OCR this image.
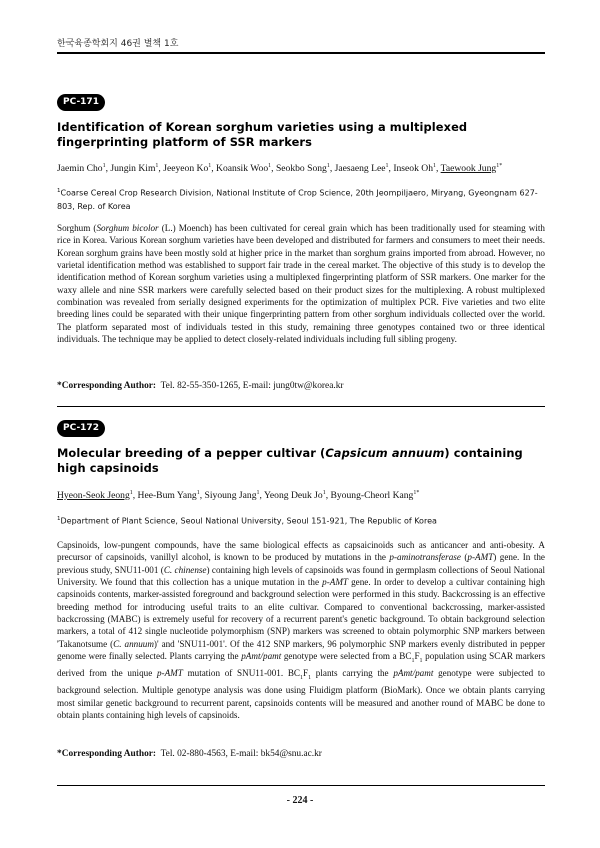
한국육종학회지 46권 별책 1호
PC-171
Identification of Korean sorghum varieties using a multiplexed fingerprinting platform of SSR markers
Jaemin Cho$^1$, Jungin Kim$^1$, Jeeyeon Ko$^1$, Koansik Woo$^1$, Seokbo Song$^1$, Jaesaeng Lee$^1$, Inseok Oh$^1$, Taewook Jung$^{1*}$
$^1$Coarse Cereal Crop Research Division, National Institute of Crop Science, 20th Jeompiljaero, Miryang, Gyeongnam 627-803, Rep. of Korea
Sorghum (Sorghum bicolor (L.) Moench) has been cultivated for cereal grain which has been traditionally used for steaming with rice in Korea. Various Korean sorghum varieties have been developed and distributed for farmers and consumers to meet their needs. Korean sorghum grains have been mostly sold at higher price in the market than sorghum grains imported from abroad. However, no varietal identification method was established to support fair trade in the cereal market. The objective of this study is to develop the identification method of Korean sorghum varieties using a multiplexed fingerprinting platform of SSR markers. One marker for the waxy allele and nine SSR markers were carefully selected based on their product sizes for the multiplexing. A robust multiplexed combination was revealed from serially designed experiments for the optimization of multiplex PCR. Five varieties and two elite breeding lines could be separated with their unique fingerprinting pattern from other sorghum individuals collected over the world. The platform separated most of individuals tested in this study, remaining three genotypes contained two or three identical individuals. The technique may be applied to detect closely-related individuals including full sibling progeny.
*Corresponding Author: Tel. 82-55-350-1265, E-mail: jung0tw@korea.kr
PC-172
Molecular breeding of a pepper cultivar (Capsicum annuum) containing high capsinoids
Hyeon-Seok Jeong$^1$, Hee-Bum Yang$^1$, Siyoung Jang$^1$, Yeong Deuk Jo$^1$, Byoung-Cheorl Kang$^{1*}$
$^1$Department of Plant Science, Seoul National University, Seoul 151-921, The Republic of Korea
Capsinoids, low-pungent compounds, have the same biological effects as capsaicinoids such as anticancer and anti-obesity. A precursor of capsinoids, vanillyl alcohol, is known to be produced by mutations in the p-aminotransferase (p-AMT) gene. In the previous study, SNU11-001 (C. chinense) containing high levels of capsinoids was found in germplasm collections of Seoul National University. We found that this collection has a unique mutation in the p-AMT gene. In order to develop a cultivar containing high capsinoids contents, marker-assisted foreground and background selection were performed in this study. Backcrossing is an effective breeding method for introducing useful traits to an elite cultivar. Compared to conventional backcrossing, marker-assisted backcrossing (MABC) is extremely useful for recovery of a recurrent parent's genetic background. To obtain background selection markers, a total of 412 single nucleotide polymorphism (SNP) markers was screened to obtain polymorphic SNP markers between 'Takanotsume (C. annuum)' and 'SNU11-001'. Of the 412 SNP markers, 96 polymorphic SNP markers evenly distributed in pepper genome were finally selected. Plants carrying the pAmt/pamt genotype were selected from a $BC_1F_1$ population using SCAR markers derived from the unique p-AMT mutation of SNU11-001. $BC_1F_1$ plants carrying the pAmt/pamt genotype were subjected to background selection. Multiple genotype analysis was done using Fluidigm platform (BioMark). Once we obtain plants carrying most similar genetic background to recurrent parent, capsinoids contents will be measured and another round of MABC be done to obtain plants containing high levels of capsinoids.
*Corresponding Author: Tel. 02-880-4563, E-mail: bk54@snu.ac.kr
- 224 -
